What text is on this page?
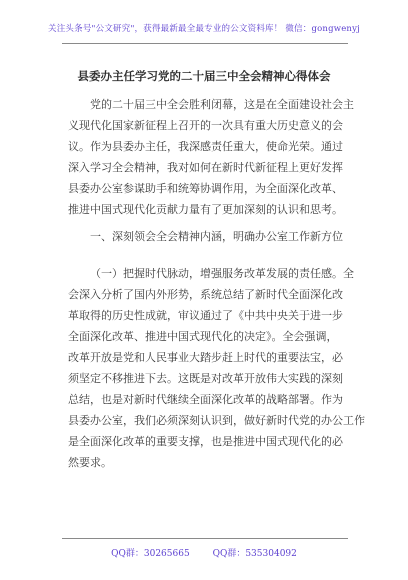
关注头条号"公文研究"，获得最新最全最专业的公文资料库！ 微信：gongwenyj
县委办主任学习党的二十届三中全会精神心得体会
党的二十届三中全会胜利闭幕，这是在全面建设社会主
义现代化国家新征程上召开的一次具有重大历史意义的会
议。作为县委办主任，我深感责任重大，使命光荣。通过
深入学习全会精神，我对如何在新时代新征程上更好发挥
县委办公室参谋助手和统筹协调作用，为全面深化改革、
推进中国式现代化贡献力量有了更加深刻的认识和思考。
一、深刻领会全会精神内涵，明确办公室工作新方位
（一）把握时代脉动，增强服务改革发展的责任感。全
会深入分析了国内外形势，系统总结了新时代全面深化改
革取得的历史性成就，审议通过了《中共中央关于进一步
全面深化改革、推进中国式现代化的决定》。全会强调，
改革开放是党和人民事业大踏步赶上时代的重要法宝，必
须坚定不移推进下去。这既是对改革开放伟大实践的深刻
总结，也是对新时代继续全面深化改革的战略部署。作为
县委办公室，我们必须深刻认识到，做好新时代党的办公工作
是全面深化改革的重要支撑，也是推进中国式现代化的必
然要求。
QQ群：30265665	QQ群：535304092
